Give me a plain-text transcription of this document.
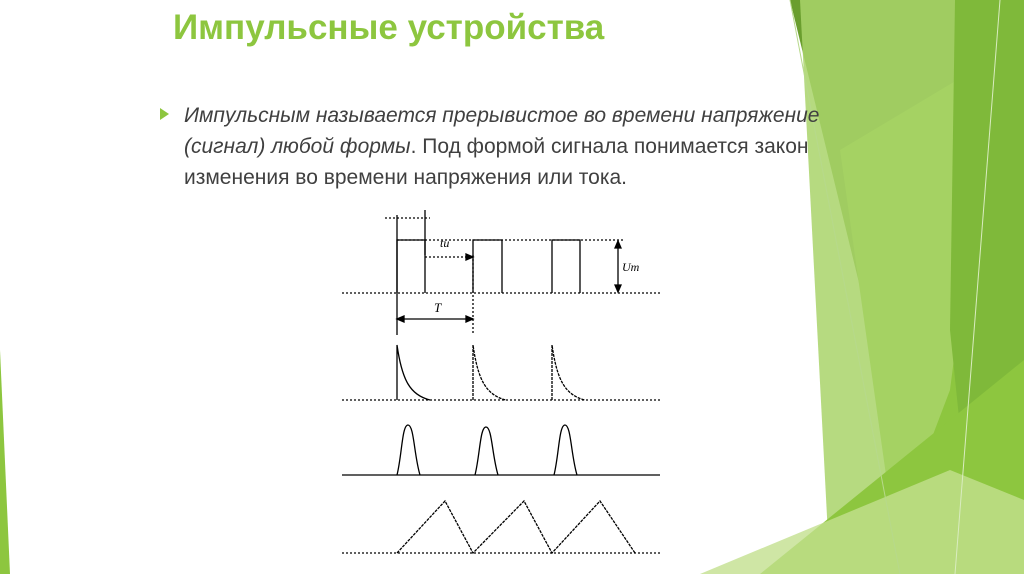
Импульсные устройства
Импульсным называется прерывистое во времени напряжение (сигнал) любой формы. Под формой сигнала понимается закон изменения во времени напряжения или тока.
tи
Um
T
